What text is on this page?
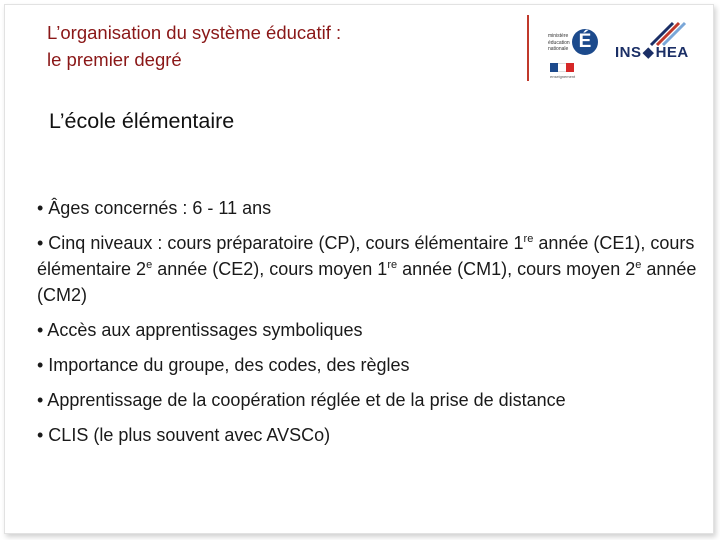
L’organisation du système éducatif :
le premier degré
ministère
éducation
nationale É
enseignement
INS◆HEA
L’école élémentaire

• Âges concernés : 6 - 11 ans

• Cinq niveaux : cours préparatoire (CP), cours élémentaire 1re année (CE1), cours élémentaire 2e année (CE2), cours moyen 1re année (CM1), cours moyen 2e année (CM2)

• Accès aux apprentissages symboliques

• Importance du groupe, des codes, des règles

• Apprentissage de la coopération réglée et de la prise de distance

• CLIS (le plus souvent avec AVSCo)
